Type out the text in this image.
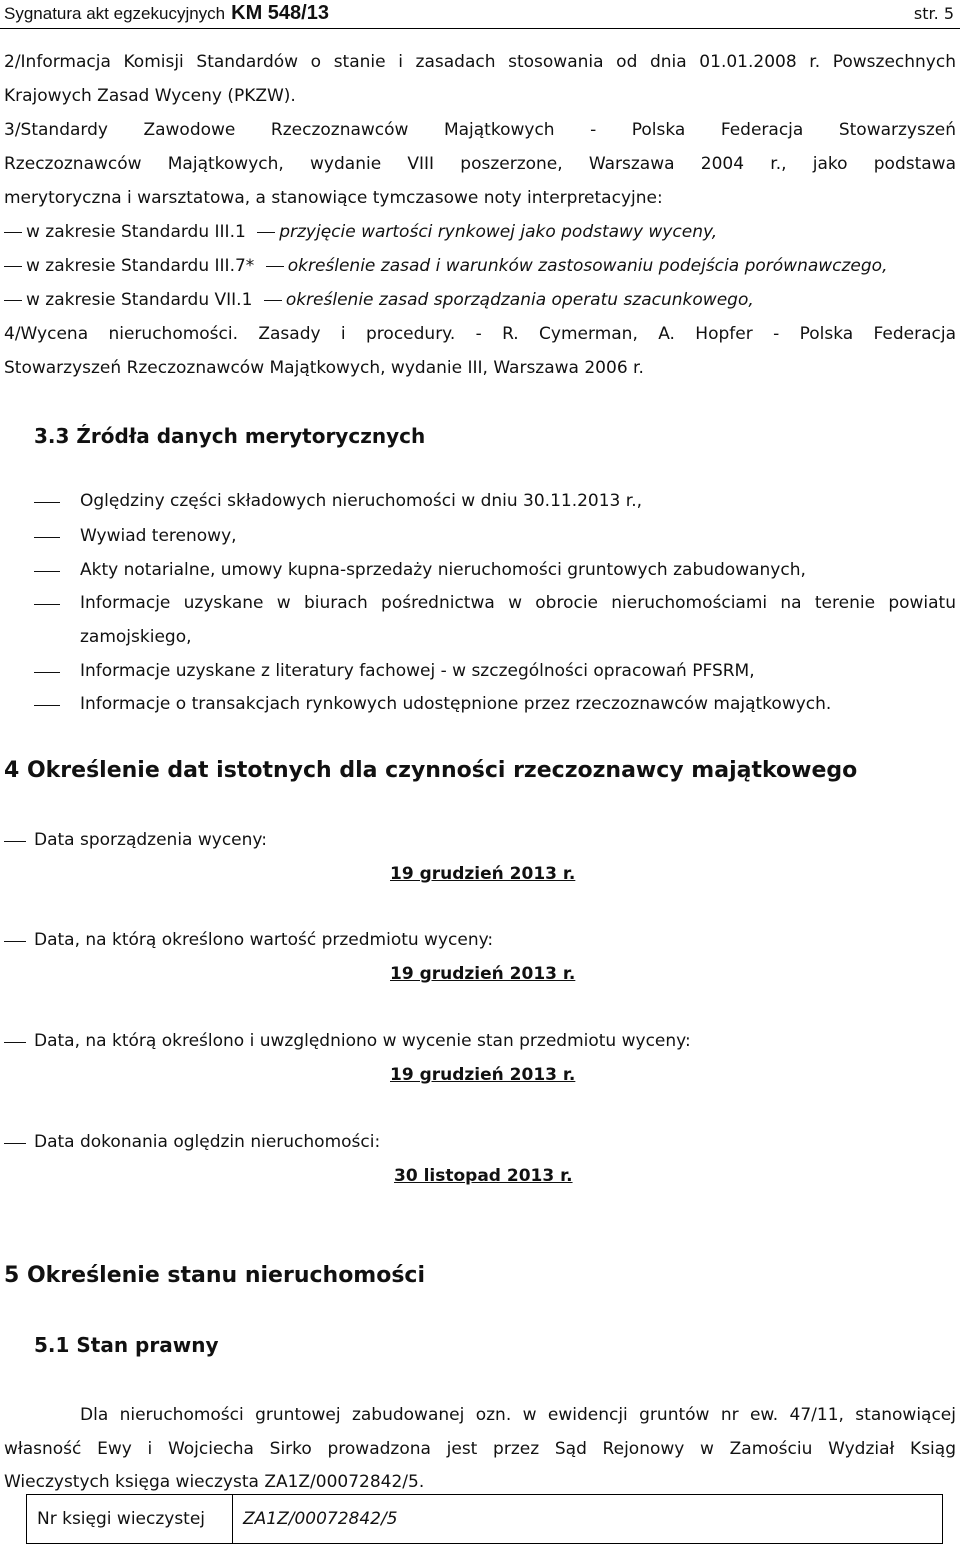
Sygnatura akt egzekucyjnych KM 548/13	str. 5
2/Informacja Komisji Standardów o stanie i zasadach stosowania od dnia 01.01.2008 r. Powszechnych
Krajowych Zasad Wyceny (PKZW).
3/Standardy Zawodowe Rzeczoznawców Majątkowych - Polska Federacja Stowarzyszeń
Rzeczoznawców Majątkowych, wydanie VIII poszerzone, Warszawa 2004 r., jako podstawa
merytoryczna i warsztatowa, a stanowiące tymczasowe noty interpretacyjne:
w zakresie Standardu III.1 przyjęcie wartości rynkowej jako podstawy wyceny,
w zakresie Standardu III.7* określenie zasad i warunków zastosowaniu podejścia porównawczego,
w zakresie Standardu VII.1 określenie zasad sporządzania operatu szacunkowego,
4/Wycena nieruchomości. Zasady i procedury. - R. Cymerman, A. Hopfer - Polska Federacja
Stowarzyszeń Rzeczoznawców Majątkowych, wydanie III, Warszawa 2006 r.
3.3 Źródła danych merytorycznych
Oględziny części składowych nieruchomości w dniu 30.11.2013 r.,
Wywiad terenowy,
Akty notarialne, umowy kupna-sprzedaży nieruchomości gruntowych zabudowanych,
Informacje uzyskane w biurach pośrednictwa w obrocie nieruchomościami na terenie powiatu
zamojskiego,
Informacje uzyskane z literatury fachowej - w szczególności opracowań PFSRM,
Informacje o transakcjach rynkowych udostępnione przez rzeczoznawców majątkowych.
4 Określenie dat istotnych dla czynności rzeczoznawcy majątkowego
Data sporządzenia wyceny:
19 grudzień 2013 r.
Data, na którą określono wartość przedmiotu wyceny:
19 grudzień 2013 r.
Data, na którą określono i uwzględniono w wycenie stan przedmiotu wyceny:
19 grudzień 2013 r.
Data dokonania oględzin nieruchomości:
30 listopad 2013 r.
5 Określenie stanu nieruchomości
5.1 Stan prawny
Dla nieruchomości gruntowej zabudowanej ozn. w ewidencji gruntów nr ew. 47/11, stanowiącej
własność Ewy i Wojciecha Sirko prowadzona jest przez Sąd Rejonowy w Zamościu Wydział Ksiąg
Wieczystych księga wieczysta ZA1Z/00072842/5.
Nr księgi wieczystej	ZA1Z/00072842/5
